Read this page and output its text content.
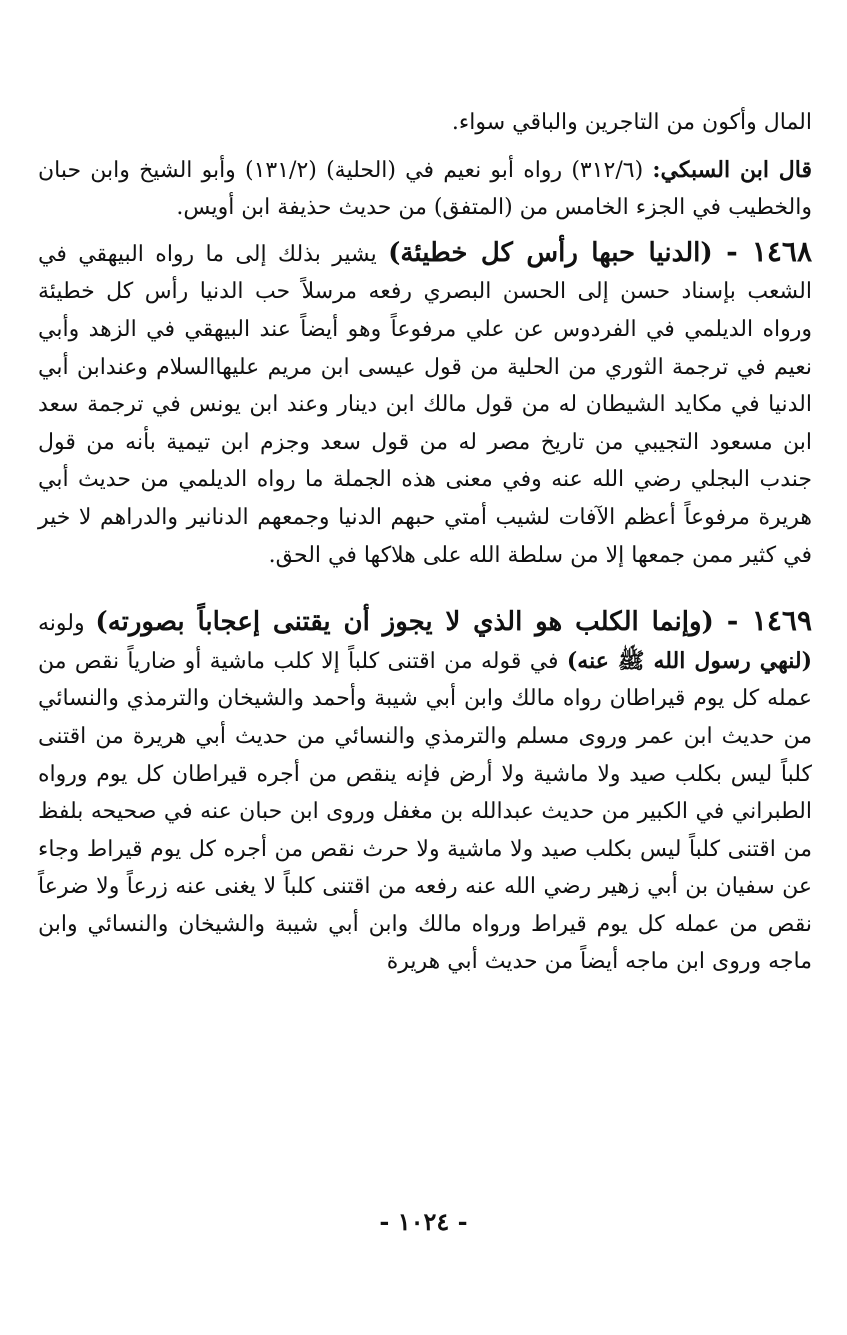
المال وأكون من التاجرين والباقي سواء.

قال ابن السبكي: (٣١٢/٦) رواه أبو نعيم في (الحلية) (١٣١/٢) وأبو الشيخ وابن حبان والخطيب في الجزء الخامس من (المتفق) من حديث حذيفة ابن أويس.

١٤٦٨ - (الدنيا حبها رأس كل خطيئة) يشير بذلك إلى ما رواه البيهقي في الشعب بإسناد حسن إلى الحسن البصري رفعه مرسلاً حب الدنيا رأس كل خطيئة ورواه الديلمي في الفردوس عن علي مرفوعاً وهو أيضاً عند البيهقي في الزهد وأبي نعيم في ترجمة الثوري من الحلية من قول عيسى ابن مريم عليهاالسلام وعندابن أبي الدنيا في مكايد الشيطان له من قول مالك ابن دينار وعند ابن يونس في ترجمة سعد ابن مسعود التجيبي من تاريخ مصر له من قول سعد وجزم ابن تيمية بأنه من قول جندب البجلي رضي الله عنه وفي معنى هذه الجملة ما رواه الديلمي من حديث أبي هريرة مرفوعاً أعظم الآفات لشيب أمتي حبهم الدنيا وجمعهم الدنانير والدراهم لا خير في كثير ممن جمعها إلا من سلطة الله على هلاكها في الحق.

١٤٦٩ - (وإنما الكلب هو الذي لا يجوز أن يقتنى إعجاباً بصورته) ولونه (لنهي رسول الله ﷺ عنه) في قوله من اقتنى كلباً إلا كلب ماشية أو ضارياً نقص من عمله كل يوم قيراطان رواه مالك وابن أبي شيبة وأحمد والشيخان والترمذي والنسائي من حديث ابن عمر وروى مسلم والترمذي والنسائي من حديث أبي هريرة من اقتنى كلباً ليس بكلب صيد ولا ماشية ولا أرض فإنه ينقص من أجره قيراطان كل يوم ورواه الطبراني في الكبير من حديث عبدالله بن مغفل وروى ابن حبان عنه في صحيحه بلفظ من اقتنى كلباً ليس بكلب صيد ولا ماشية ولا حرث نقص من أجره كل يوم قيراط وجاء عن سفيان بن أبي زهير رضي الله عنه رفعه من اقتنى كلباً لا يغنى عنه زرعاً ولا ضرعاً نقص من عمله كل يوم قيراط ورواه مالك وابن أبي شيبة والشيخان والنسائي وابن ماجه وروى ابن ماجه أيضاً من حديث أبي هريرة

- ١٠٢٤ -
